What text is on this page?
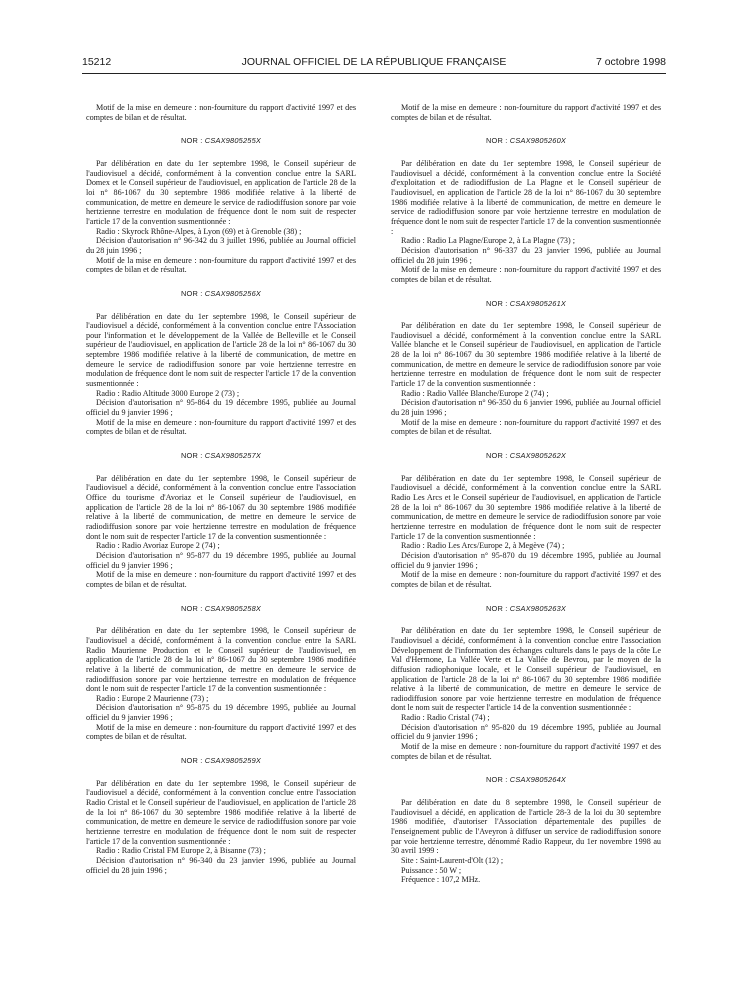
15212	JOURNAL OFFICIEL DE LA RÉPUBLIQUE FRANÇAISE	7 octobre 1998

Motif de la mise en demeure : non-fourniture du rapport d'activité 1997 et des comptes de bilan et de résultat.

NOR : CSAX9805255X

Par délibération en date du 1er septembre 1998, le Conseil supérieur de l'audiovisuel a décidé, conformément à la convention conclue entre la SARL Domex et le Conseil supérieur de l'audiovisuel, en application de l'article 28 de la loi n° 86-1067 du 30 septembre 1986 modifiée relative à la liberté de communication, de mettre en demeure le service de radiodiffusion sonore par voie hertzienne terrestre en modulation de fréquence dont le nom suit de respecter l'article 17 de la convention susmentionnée :

Radio : Skyrock Rhône-Alpes, à Lyon (69) et à Grenoble (38) ;

Décision d'autorisation n° 96-342 du 3 juillet 1996, publiée au Journal officiel du 28 juin 1996 ;

Motif de la mise en demeure : non-fourniture du rapport d'activité 1997 et des comptes de bilan et de résultat.

NOR : CSAX9805256X

Par délibération en date du 1er septembre 1998, le Conseil supérieur de l'audiovisuel a décidé, conformément à la convention conclue entre l'Association pour l'information et le développement de la Vallée de Belleville et le Conseil supérieur de l'audiovisuel, en application de l'article 28 de la loi n° 86-1067 du 30 septembre 1986 modifiée relative à la liberté de communication, de mettre en demeure le service de radiodiffusion sonore par voie hertzienne terrestre en modulation de fréquence dont le nom suit de respecter l'article 17 de la convention susmentionnée :

Radio : Radio Altitude 3000 Europe 2 (73) ;

Décision d'autorisation n° 95-864 du 19 décembre 1995, publiée au Journal officiel du 9 janvier 1996 ;

Motif de la mise en demeure : non-fourniture du rapport d'activité 1997 et des comptes de bilan et de résultat.

NOR : CSAX9805257X

Par délibération en date du 1er septembre 1998, le Conseil supérieur de l'audiovisuel a décidé, conformément à la convention conclue entre l'association Office du tourisme d'Avoriaz et le Conseil supérieur de l'audiovisuel, en application de l'article 28 de la loi n° 86-1067 du 30 septembre 1986 modifiée relative à la liberté de communication, de mettre en demeure le service de radiodiffusion sonore par voie hertzienne terrestre en modulation de fréquence dont le nom suit de respecter l'article 17 de la convention susmentionnée :

Radio : Radio Avoriaz Europe 2 (74) ;

Décision d'autorisation n° 95-877 du 19 décembre 1995, publiée au Journal officiel du 9 janvier 1996 ;

Motif de la mise en demeure : non-fourniture du rapport d'activité 1997 et des comptes de bilan et de résultat.

NOR : CSAX9805258X

Par délibération en date du 1er septembre 1998, le Conseil supérieur de l'audiovisuel a décidé, conformément à la convention conclue entre la SARL Radio Maurienne Production et le Conseil supérieur de l'audiovisuel, en application de l'article 28 de la loi n° 86-1067 du 30 septembre 1986 modifiée relative à la liberté de communication, de mettre en demeure le service de radiodiffusion sonore par voie hertzienne terrestre en modulation de fréquence dont le nom suit de respecter l'article 17 de la convention susmentionnée :

Radio : Europe 2 Maurienne (73) ;

Décision d'autorisation n° 95-875 du 19 décembre 1995, publiée au Journal officiel du 9 janvier 1996 ;

Motif de la mise en demeure : non-fourniture du rapport d'activité 1997 et des comptes de bilan et de résultat.

NOR : CSAX9805259X

Par délibération en date du 1er septembre 1998, le Conseil supérieur de l'audiovisuel a décidé, conformément à la convention conclue entre l'association Radio Cristal et le Conseil supérieur de l'audiovisuel, en application de l'article 28 de la loi n° 86-1067 du 30 septembre 1986 modifiée relative à la liberté de communication, de mettre en demeure le service de radiodiffusion sonore par voie hertzienne terrestre en modulation de fréquence dont le nom suit de respecter l'article 17 de la convention susmentionnée :

Radio : Radio Cristal FM Europe 2, à Bisanne (73) ;

Décision d'autorisation n° 96-340 du 23 janvier 1996, publiée au Journal officiel du 28 juin 1996 ;

Motif de la mise en demeure : non-fourniture du rapport d'activité 1997 et des comptes de bilan et de résultat.

NOR : CSAX9805260X

Par délibération en date du 1er septembre 1998, le Conseil supérieur de l'audiovisuel a décidé, conformément à la convention conclue entre la Société d'exploitation et de radiodiffusion de La Plagne et le Conseil supérieur de l'audiovisuel, en application de l'article 28 de la loi n° 86-1067 du 30 septembre 1986 modifiée relative à la liberté de communication, de mettre en demeure le service de radiodiffusion sonore par voie hertzienne terrestre en modulation de fréquence dont le nom suit de respecter l'article 17 de la convention susmentionnée :

Radio : Radio La Plagne/Europe 2, à La Plagne (73) ;

Décision d'autorisation n° 96-337 du 23 janvier 1996, publiée au Journal officiel du 28 juin 1996 ;

Motif de la mise en demeure : non-fourniture du rapport d'activité 1997 et des comptes de bilan et de résultat.

NOR : CSAX9805261X

Par délibération en date du 1er septembre 1998, le Conseil supérieur de l'audiovisuel a décidé, conformément à la convention conclue entre la SARL Vallée blanche et le Conseil supérieur de l'audiovisuel, en application de l'article 28 de la loi n° 86-1067 du 30 septembre 1986 modifiée relative à la liberté de communication, de mettre en demeure le service de radiodiffusion sonore par voie hertzienne terrestre en modulation de fréquence dont le nom suit de respecter l'article 17 de la convention susmentionnée :

Radio : Radio Vallée Blanche/Europe 2 (74) ;

Décision d'autorisation n° 96-350 du 6 janvier 1996, publiée au Journal officiel du 28 juin 1996 ;

Motif de la mise en demeure : non-fourniture du rapport d'activité 1997 et des comptes de bilan et de résultat.

NOR : CSAX9805262X

Par délibération en date du 1er septembre 1998, le Conseil supérieur de l'audiovisuel a décidé, conformément à la convention conclue entre la SARL Radio Les Arcs et le Conseil supérieur de l'audiovisuel, en application de l'article 28 de la loi n° 86-1067 du 30 septembre 1986 modifiée relative à la liberté de communication, de mettre en demeure le service de radiodiffusion sonore par voie hertzienne terrestre en modulation de fréquence dont le nom suit de respecter l'article 17 de la convention susmentionnée :

Radio : Radio Les Arcs/Europe 2, à Megève (74) ;

Décision d'autorisation n° 95-870 du 19 décembre 1995, publiée au Journal officiel du 9 janvier 1996 ;

Motif de la mise en demeure : non-fourniture du rapport d'activité 1997 et des comptes de bilan et de résultat.

NOR : CSAX9805263X

Par délibération en date du 1er septembre 1998, le Conseil supérieur de l'audiovisuel a décidé, conformément à la convention conclue entre l'association Développement de l'information des échanges culturels dans le pays de la côte Le Val d'Hermone, La Vallée Verte et La Vallée de Bevrou, par le moyen de la diffusion radiophonique locale, et le Conseil supérieur de l'audiovisuel, en application de l'article 28 de la loi n° 86-1067 du 30 septembre 1986 modifiée relative à la liberté de communication, de mettre en demeure le service de radiodiffusion sonore par voie hertzienne terrestre en modulation de fréquence dont le nom suit de respecter l'article 14 de la convention susmentionnée :

Radio : Radio Cristal (74) ;

Décision d'autorisation n° 95-820 du 19 décembre 1995, publiée au Journal officiel du 9 janvier 1996 ;

Motif de la mise en demeure : non-fourniture du rapport d'activité 1997 et des comptes de bilan et de résultat.

NOR : CSAX9805264X

Par délibération en date du 8 septembre 1998, le Conseil supérieur de l'audiovisuel a décidé, en application de l'article 28-3 de la loi du 30 septembre 1986 modifiée, d'autoriser l'Association départementale des pupilles de l'enseignement public de l'Aveyron à diffuser un service de radiodiffusion sonore par voie hertzienne terrestre, dénommé Radio Rappeur, du 1er novembre 1998 au 30 avril 1999 :

Site : Saint-Laurent-d'Olt (12) ;

Puissance : 50 W ;

Fréquence : 107,2 MHz.
